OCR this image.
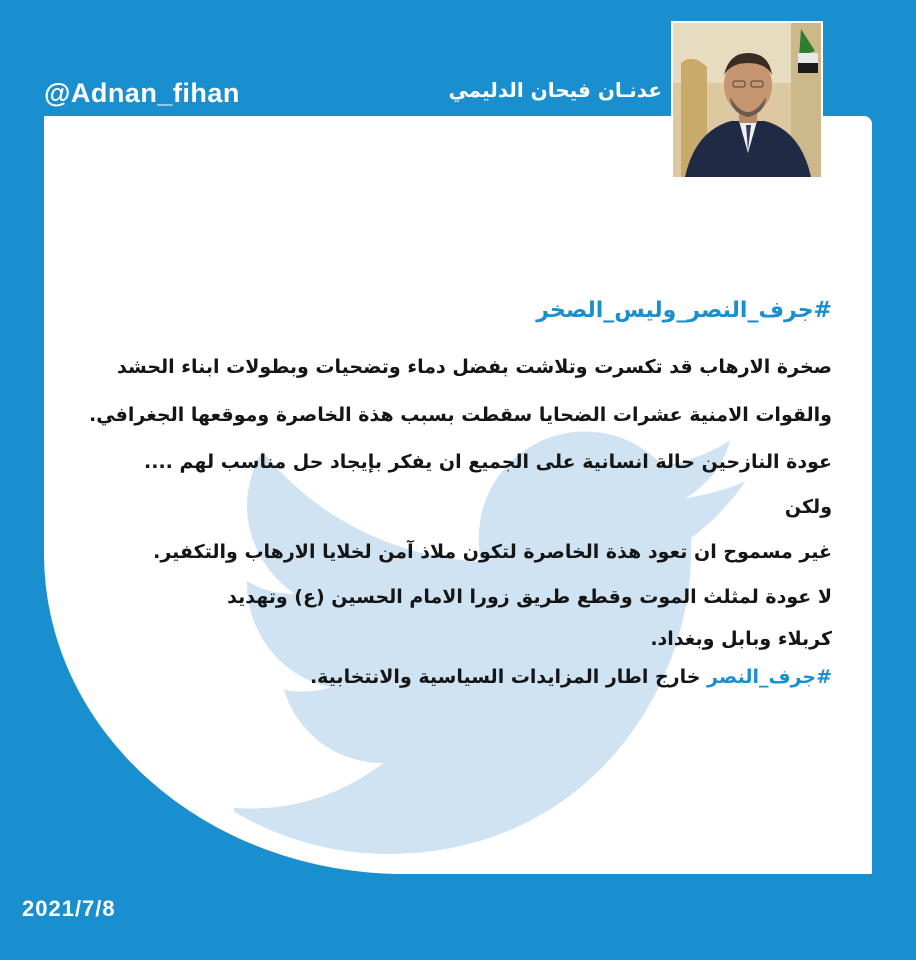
@Adnan_fihan	عدنـان فيحان الدليمي
#جرف_النصر_وليس_الصخر
صخرة الارهاب قد تكسرت وتلاشت بفضل دماء وتضحيات وبطولات ابناء الحشد
والقوات الامنية عشرات الضحايا سقطت بسبب هذة الخاصرة وموقعها الجغرافي.
عودة النازحين حالة انسانية على الجميع ان يفكر بإيجاد حل مناسب لهم ....
ولكن
غير مسموح ان تعود هذة الخاصرة لتكون ملاذ آمن لخلايا الارهاب والتكفير.
لا عودة لمثلث الموت وقطع طريق زورا الامام الحسين (ع) وتهديد
كربلاء وبابل وبغداد.
#جرف_النصر خارج اطار المزايدات السياسية والانتخابية.
2021/7/8
